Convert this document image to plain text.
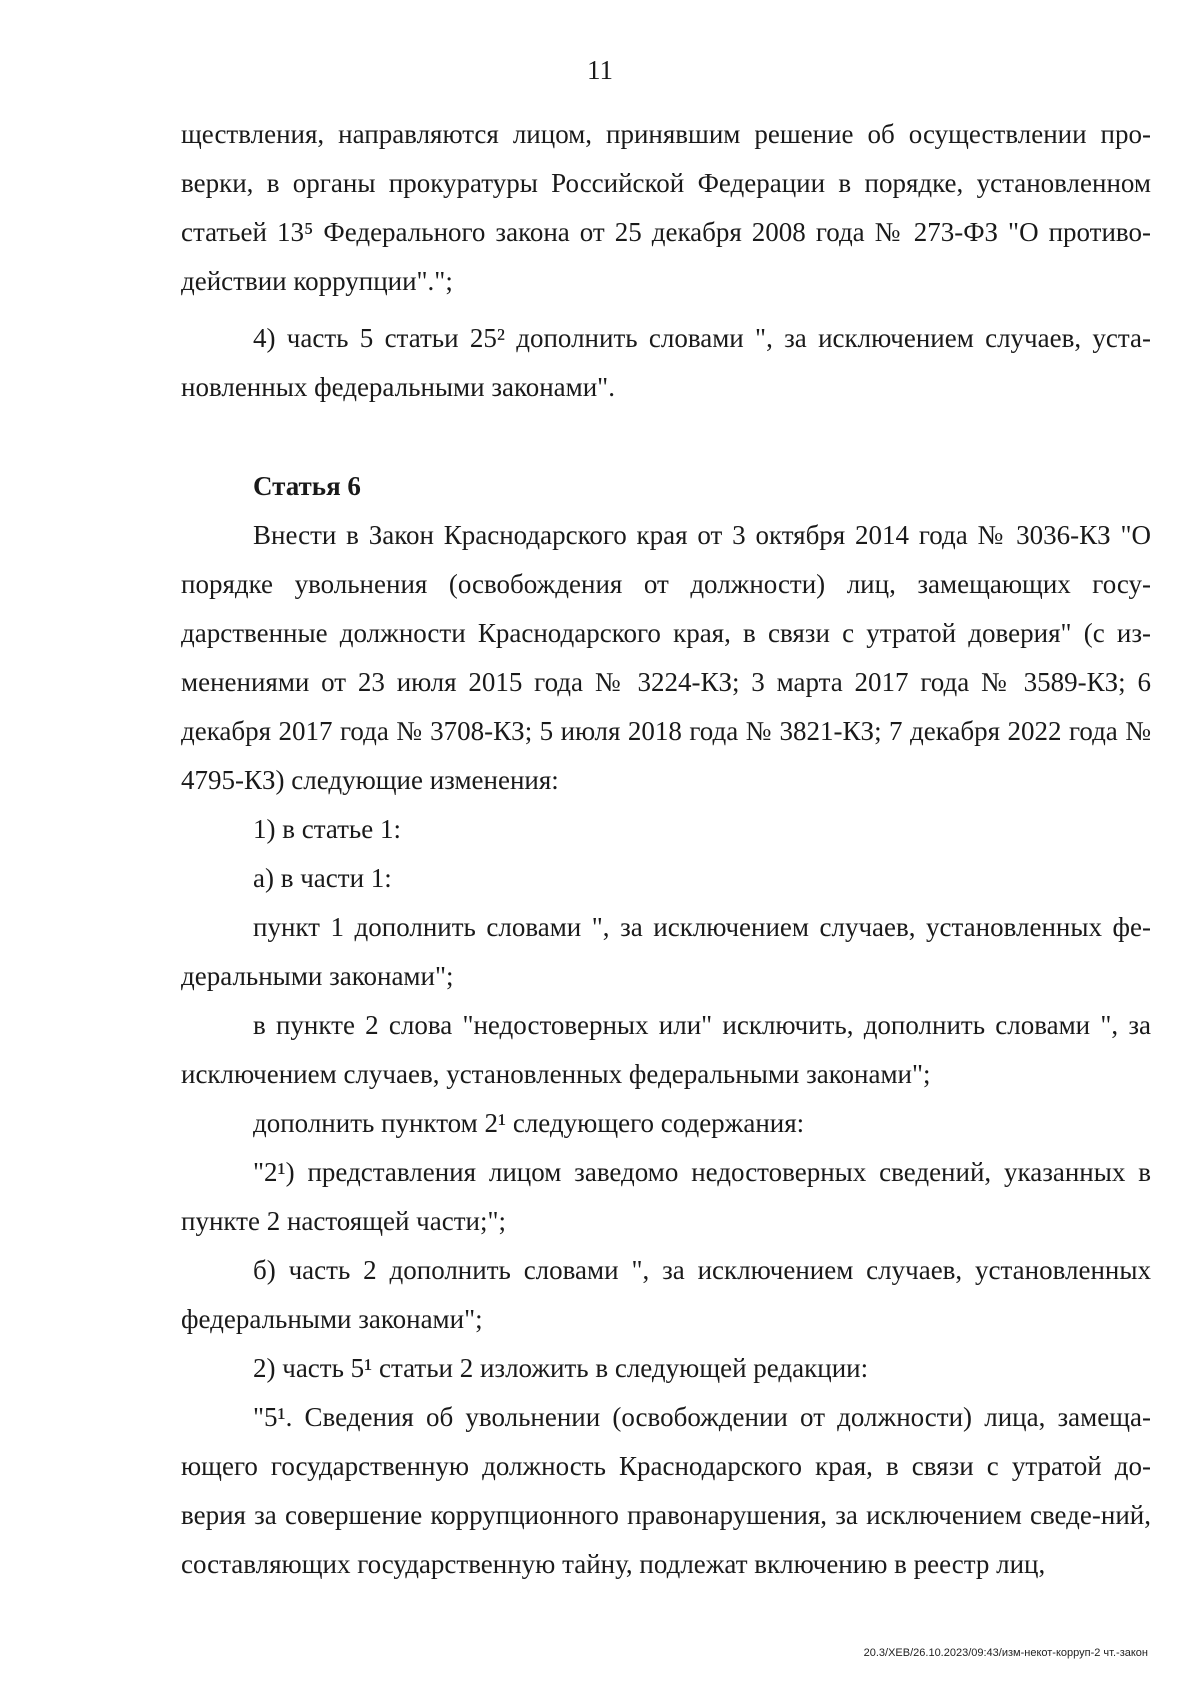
11

ществления, направляются лицом, принявшим решение об осуществлении про-верки, в органы прокуратуры Российской Федерации в порядке, установленном статьей 13⁵ Федерального закона от 25 декабря 2008 года № 273-ФЗ "О противо-действии коррупции".";

4) часть 5 статьи 25² дополнить словами ", за исключением случаев, уста-новленных федеральными законами".

Статья 6

Внести в Закон Краснодарского края от 3 октября 2014 года № 3036-КЗ "О порядке увольнения (освобождения от должности) лиц, замещающих госу-дарственные должности Краснодарского края, в связи с утратой доверия" (с из-менениями от 23 июля 2015 года № 3224-КЗ; 3 марта 2017 года № 3589-КЗ; 6 декабря 2017 года № 3708-КЗ; 5 июля 2018 года № 3821-КЗ; 7 декабря 2022 года № 4795-КЗ) следующие изменения:

1) в статье 1:

а) в части 1:

пункт 1 дополнить словами ", за исключением случаев, установленных фе-деральными законами";

в пункте 2 слова "недостоверных или" исключить, дополнить словами ", за исключением случаев, установленных федеральными законами";

дополнить пунктом 2¹ следующего содержания:

"2¹) представления лицом заведомо недостоверных сведений, указанных в пункте 2 настоящей части;";

б) часть 2 дополнить словами ", за исключением случаев, установленных федеральными законами";

2) часть 5¹ статьи 2 изложить в следующей редакции:

"5¹. Сведения об увольнении (освобождении от должности) лица, замеща-ющего государственную должность Краснодарского края, в связи с утратой до-верия за совершение коррупционного правонарушения, за исключением сведе-ний, составляющих государственную тайну, подлежат включению в реестр лиц,

20.3/ХЕВ/26.10.2023/09:43/изм-некот-корруп-2 чт.-закон
